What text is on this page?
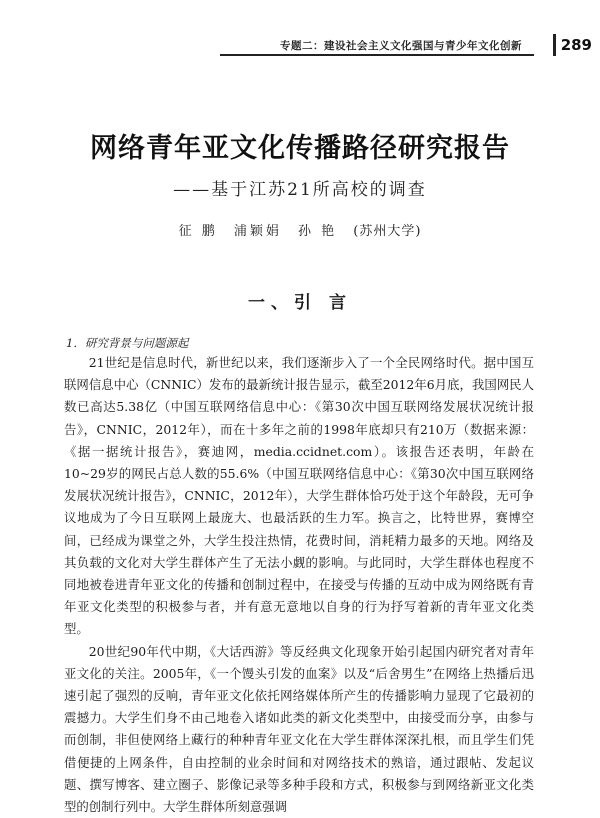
专题二：建设社会主义文化强国与青少年文化创新	289
网络青年亚文化传播路径研究报告
——基于江苏21所高校的调查
征 鹏 浦颖娟 孙 艳 (苏州大学)
一、引 言
1．研究背景与问题源起

21世纪是信息时代，新世纪以来，我们逐渐步入了一个全民网络时代。据中国互联网信息中心（CNNIC）发布的最新统计报告显示，截至2012年6月底，我国网民人数已高达5.38亿（中国互联网络信息中心：《第30次中国互联网络发展状况统计报告》，CNNIC，2012年），而在十多年之前的1998年底却只有210万（数据来源：《据一据统计报告》，赛迪网，media.ccidnet.com）。该报告还表明，年龄在10~29岁的网民占总人数的55.6%（中国互联网络信息中心：《第30次中国互联网络发展状况统计报告》，CNNIC，2012年），大学生群体恰巧处于这个年龄段，无可争议地成为了今日互联网上最庞大、也最活跃的生力军。换言之，比特世界，赛博空间，已经成为课堂之外，大学生投注热情，花费时间，消耗精力最多的天地。网络及其负载的文化对大学生群体产生了无法小觑的影响。与此同时，大学生群体也程度不同地被卷进青年亚文化的传播和创制过程中，在接受与传播的互动中成为网络既有青年亚文化类型的积极参与者，并有意无意地以自身的行为抒写着新的青年亚文化类型。

20世纪90年代中期，《大话西游》等反经典文化现象开始引起国内研究者对青年亚文化的关注。2005年，《一个馒头引发的血案》以及“后舍男生”在网络上热播后迅速引起了强烈的反响，青年亚文化依托网络媒体所产生的传播影响力显现了它最初的震撼力。大学生们身不由己地卷入诸如此类的新文化类型中，由接受而分享，由参与而创制，非但使网络上藏行的种种青年亚文化在大学生群体深深扎根，而且学生们凭借便捷的上网条件，自由控制的业余时间和对网络技术的熟谙，通过跟帖、发起议题、撰写博客、建立圈子、影像记录等多种手段和方式，积极参与到网络新亚文化类型的创制行列中。大学生群体所刻意强调
